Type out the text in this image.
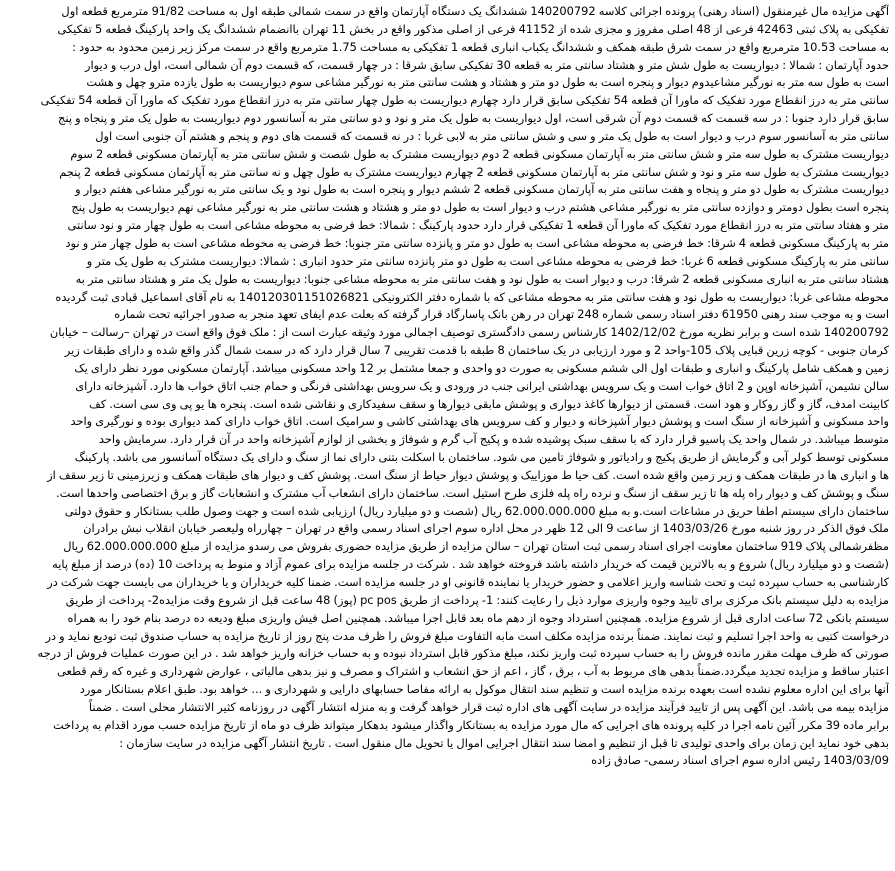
آگهی مزایده مال غیرمنقول (اسناد رهنی) پرونده اجرائی کلاسه 140200792 ششدانگ یک دستگاه آپارتمان واقع در سمت شمالی طبقه اول به مساحت 91/82 مترمربع قطعه اول
تفکیکی به پلاک ثبتی 42463 فرعی از 48 اصلی مفروز و مجزی شده از 41152 فرعی از اصلی مذکور واقع در بخش 11 تهران باانضمام ششدانگ یک واحد پارکینگ قطعه 5 تفکیکی
به مساحت 10.53 مترمربع واقع در سمت شرق طبقه همکف و ششدانگ یکباب انباری قطعه 1 تفکیکی به مساحت 1.75 مترمربع واقع در سمت مرکز زیر زمین محدود به حدود :
حدود آپارتمان : شمالا : دیواریست به طول شش متر و هشتاد سانتی متر به قطعه 30 تفکیکی سابق شرقا : در چهار قسمت، که قسمت دوم آن شمالی است، اول درب و دیوار
است به طول سه متر به نورگیر مشاعیدوم دیوار و پنجره است به طول دو متر و هشتاد و هشت سانتی متر به نورگیر مشاعی سوم دیواریست به طول یازده مترو چهل و هشت
سانتی متر به درز انقطاع مورد تفکیک که ماورا آن قطعه 54 تفکیکی سابق قرار دارد چهارم دیواریست به طول چهار سانتی متر به درز انقطاع مورد تفکیک که ماورا آن قطعه 54 تفکیکی
سابق قرار دارد جنوبا : در سه قسمت که قسمت دوم آن شرقی است، اول دیواریست به طول یک متر و نود و دو سانتی متر به آسانسور دوم دیواریست به طول یک متر و پنجاه و پنج
سانتی متر به آسانسور سوم درب و دیوار است به طول یک متر و سی و شش سانتی متر به لابی غربا : در نه قسمت که قسمت های دوم و پنجم و هشتم آن جنوبی است اول
دیواریست مشترک به طول سه متر و شش سانتی متر به آپارتمان مسکونی قطعه 2 دوم دیواریست مشترک به طول شصت و شش سانتی متر به آپارتمان مسکونی قطعه 2 سوم
دیواریست مشترک به طول سه متر و نود و شش سانتی متر به آپارتمان مسکونی قطعه 2 چهارم دیواریست مشترک به طول چهل و نه سانتی متر به آپارتمان مسکونی قطعه 2 پنجم
دیواریست مشترک به طول دو متر و پنجاه و هفت سانتی متر به آپارتمان مسکونی قطعه 2 ششم دیوار و پنجره است به طول نود و یک سانتی متر به نورگیر مشاعی هفتم دیوار و
پنجره است بطول دومتر و دوازده سانتی متر به نورگیر مشاعی هشتم درب و دیوار است به طول دو متر و هشتاد و هشت سانتی متر به نورگیر مشاعی نهم دیواریست به طول پنج
متر و هفتاد سانتی متر به درز انقطاع مورد تفکیک که ماورا آن قطعه 1 تفکیکی قرار دارد حدود پارکینگ : شمالا: خط فرضی به محوطه مشاعی است به طول چهار متر و نود سانتی
متر به پارکینگ مسکونی قطعه 4 شرقا: خط فرضی به محوطه مشاعی است به طول دو متر و پانزده سانتی متر جنوبا: خط فرضی به محوطه مشاعی است به طول چهار متر و نود
سانتی متر به پارکینگ مسکونی قطعه 6 غربا: خط فرضی به محوطه مشاعی است به طول دو متر پانزده سانتی متر حدود انباری : شمالا: دیواریست مشترک به طول یک متر و
هشتاد سانتی متر به انباری مسکونی قطعه 2 شرقا: درب و دیوار است به طول نود و هفت سانتی متر به محوطه مشاعی جنوبا: دیواریست به طول یک متر و هشتاد سانتی متر به
محوطه مشاعی غربا: دیواریست به طول نود و هفت سانتی متر به محوطه مشاعی که با شماره دفتر الکترونیکی 140120301151026821 به نام آقای اسماعیل قبادی ثبت گردیده
است و به موجب سند رهنی 61950 دفتر اسناد رسمی شماره 248 تهران در رهن بانک پاسارگاد قرار گرفته که بعلت عدم ایفای تعهد منجر به صدور اجرائیه تحت شماره
140200792 شده است و برابر نظریه مورخ 1402/12/02 کارشناس رسمی دادگستری توصیف اجمالی مورد وثیقه عبارت است از : ملک فوق واقع است در تهران –رسالت – خیابان
کرمان جنوبی - کوچه زرین قبایی پلاک 105-واحد 2 و مورد ارزیابی در یک ساختمان 8 طبقه با قدمت تقریبی 7 سال قرار دارد که در سمت شمال گذر واقع شده و دارای طبقات زیر
زمین و همکف شامل پارکینگ و انباری و طبقات اول الی ششم مسکونی به صورت دو واحدی و جمعا مشتمل بر 12 واحد مسکونی میباشد. آپارتمان مسکونی مورد نظر دارای یک
سالن نشیمن، آشپزخانه اوپن و 2 اتاق خواب است و یک سرویس بهداشتی ایرانی جنب در ورودی و یک سرویس بهداشتی فرنگی و حمام جنب اتاق خواب ها دارد. آشپزخانه دارای
کابینت امدف، گاز و گاز روکار و هود است. قسمتی از دیوارها کاغذ دیواری و پوشش مابقی دیوارها و سقف سفیدکاری و نقاشی شده است. پنجره ها یو پی وی سی است. کف
واحد مسکونی و آشپزخانه از سنگ است و پوشش دیوار آشپزخانه و دیوار و کف سرویس های بهداشتی کاشی و سرامیک است. اتاق خواب دارای کمد دیواری بوده و نورگیری واحد
متوسط میباشد. در شمال واحد یک پاسیو قرار دارد که با سقف سبک پوشیده شده و پکیج آب گرم و شوفاژ و بخشی از لوازم آشپزخانه واحد در آن قرار دارد. سرمایش واحد
مسکونی توسط کولر آبی و گرمایش از طریق پکیج و رادیاتور و شوفاژ تامین می شود. ساختمان با اسکلت بتنی دارای نما از سنگ و دارای یک دستگاه آسانسور می باشد. پارکینگ
ها و انباری ها در طبقات همکف و زیر زمین واقع شده است. کف حیا ط موزاییک و پوشش دیوار حیاط از سنگ است. پوشش کف و دیوار های طبقات همکف و زیرزمینی تا زیر سقف از
سنگ و پوشش کف و دیوار راه پله ها تا زیر سقف از سنگ و نرده راه پله فلزی طرح استیل است. ساختمان دارای انشعاب آب مشترک و انشعابات گاز و برق اختصاصی واحدها است.
ساختمان دارای سیستم اطفا حریق در مشاعات است.و به مبلغ 62.000.000.000 ریال (شصت و دو میلیارد ریال) ارزیابی شده است و جهت وصول طلب بستانکار و حقوق دولتی
ملک فوق الذکر در روز شنبه مورخ 1403/03/26 از ساعت 9 الی 12 ظهر در محل اداره سوم اجرای اسناد رسمی واقع در تهران – چهارراه ولیعصر خیابان انقلاب نبش برادران
مظفرشمالی پلاک 919 ساختمان معاونت اجرای اسناد رسمی ثبت استان تهران – سالن مزایده از طریق مزایده حضوری بفروش می رسدو مزایده از مبلغ 62.000.000.000 ریال
(شصت و دو میلیارد ریال) شروع و به بالاترین قیمت که خریدار داشته باشد فروخته خواهد شد . شرکت در جلسه مزایده برای عموم آزاد و منوط به پرداخت 10 (ده) درصد از مبلغ پایه
کارشناسی به حساب سپرده ثبت و تحت شناسه واریز اعلامی و حضور خریدار یا نماینده قانونی او در جلسه مزایده است. ضمنا کلیه خریداران و یا خریداران می بایست جهت شرکت در
مزایده به دلیل سیستم بانک مرکزی برای تایید وجوه واریزی موارد ذیل را رعایت کنند: 1- پرداخت از طریق pc pos (پوز) 48 ساعت قبل از شروع وقت مزایده2- پرداخت از طریق
سیستم بانکی 72 ساعت اداری قبل از شروع مزایده. همچنین استرداد وجوه از دهم ماه بعد قابل اجرا میباشد. همچنین اصل فیش واریزی مبلغ ودیعه ده درصد بنام خود را به همراه
درخواست کتبی به واحد اجرا تسلیم و ثبت نمایند. ضمناً برنده مزایده مکلف است مابه التفاوت مبلغ فروش را ظرف مدت پنج روز از تاریخ مزایده به حساب صندوق ثبت تودیع نماید و در
صورتی که ظرف مهلت مقرر مانده فروش را به حساب سپرده ثبت واریز نکند، مبلغ مذکور قابل استرداد نبوده و به حساب خزانه واریز خواهد شد . در این صورت عملیات فروش از درجه
اعتبار ساقط و مزایده تجدید میگردد.ضمناً بدهی های مربوط به آب ، برق ، گاز ، اعم از حق انشعاب و اشتراک و مصرف و نیز بدهی مالیاتی ، عوارض شهرداری و غیره که رقم قطعی
آنها برای این اداره معلوم نشده است بعهده برنده مزایده است و تنظیم سند انتقال موکول به ارائه مفاصا حسابهای دارایی و شهرداری و ... خواهد بود. طبق اعلام بستانکار مورد
مزایده بیمه می باشد. این آگهی پس از تایید فرآیند مزایده در سایت آگهی های اداره ثبت قرار خواهد گرفت و به منزله انتشار آگهی در روزنامه کثیر الانتشار محلی است . ضمناً
برابر ماده 39 مکرر آئین نامه اجرا در کلیه پرونده های اجرایی که مال مورد مزایده به بستانکار واگذار میشود بدهکار میتواند ظرف دو ماه از تاریخ مزایده حسب مورد اقدام به پرداخت
بدهی خود نماید این زمان برای واحدی تولیدی تا قبل از تنظیم و امضا سند انتقال اجرایی اموال یا تحویل مال منقول است . تاریخ انتشار آگهی مزایده در سایت سازمان :
1403/03/09 رئیس اداره سوم اجرای اسناد رسمی- صادق زاده
